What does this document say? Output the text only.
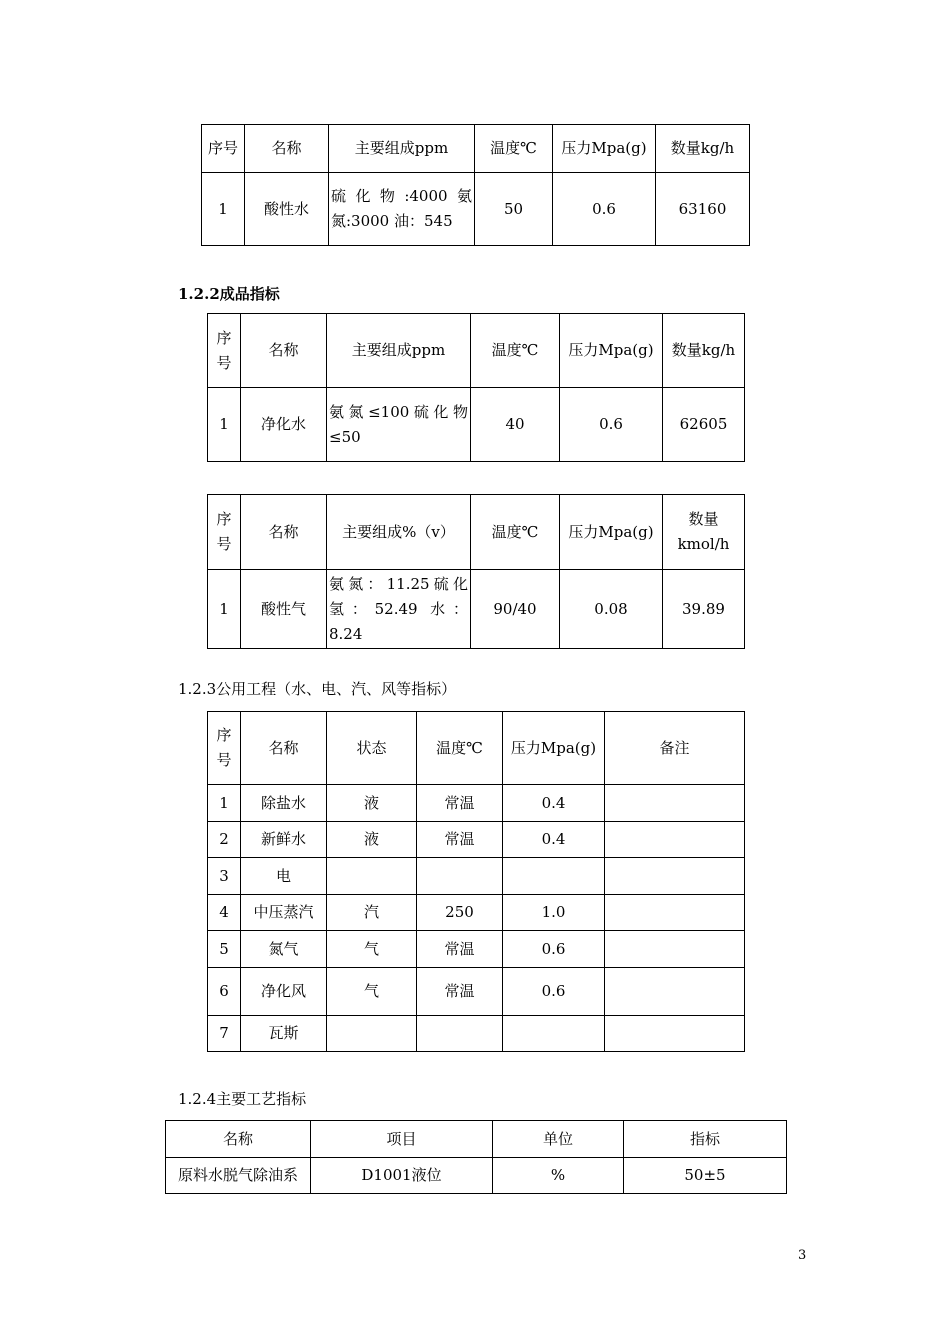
序号	名称	主要组成ppm	温度℃	压力Mpa(g)	数量kg/h
1	酸性水	硫化物:4000氨氮:3000 油：545	50	0.6	63160
1.2.2成品指标
序号	名称	主要组成ppm	温度℃	压力Mpa(g)	数量kg/h
1	净化水	氨氮≤100硫化物≤50	40	0.6	62605
序号	名称	主要组成%（v）	温度℃	压力Mpa(g)	数量kmol/h
1	酸性气	氨氮：11.25硫化氢：52.49 水：8.24	90/40	0.08	39.89
1.2.3公用工程（水、电、汽、风等指标）
序号	名称	状态	温度℃	压力Mpa(g)	备注
1	除盐水	液	常温	0.4	
2	新鲜水	液	常温	0.4	
3	电				
4	中压蒸汽	汽	250	1.0	
5	氮气	气	常温	0.6	
6	净化风	气	常温	0.6	
7	瓦斯				
1.2.4主要工艺指标
名称	项目	单位	指标
原料水脱气除油系	D1001液位	%	50±5
3
